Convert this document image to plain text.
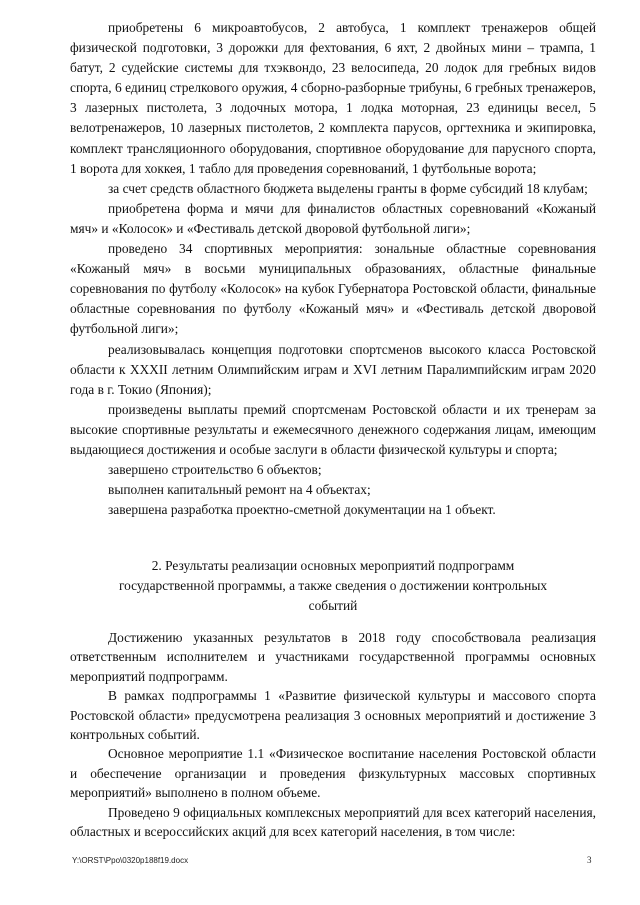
приобретены 6 микроавтобусов, 2 автобуса, 1 комплект тренажеров общей физической подготовки, 3 дорожки для фехтования, 6 яхт, 2 двойных мини – трампа, 1 батут, 2 судейские системы для тхэквондо, 23 велосипеда, 20 лодок для гребных видов спорта, 6 единиц стрелкового оружия, 4 сборно-разборные трибуны, 6 гребных тренажеров, 3 лазерных пистолета, 3 лодочных мотора, 1 лодка моторная, 23 единицы весел, 5 велотренажеров, 10 лазерных пистолетов, 2 комплекта парусов, оргтехника и экипировка, комплект трансляционного оборудования, спортивное оборудование для парусного спорта, 1 ворота для хоккея, 1 табло для проведения соревнований, 1 футбольные ворота;

за счет средств областного бюджета выделены гранты в форме субсидий 18 клубам;

приобретена форма и мячи для финалистов областных соревнований «Кожаный мяч» и «Колосок» и «Фестиваль детской дворовой футбольной лиги»;

проведено 34 спортивных мероприятия: зональные областные соревнования «Кожаный мяч» в восьми муниципальных образованиях, областные финальные соревнования по футболу «Колосок» на кубок Губернатора Ростовской области, финальные областные соревнования по футболу «Кожаный мяч» и «Фестиваль детской дворовой футбольной лиги»;

реализовывалась концепция подготовки спортсменов высокого класса Ростовской области к XXXII летним Олимпийским играм и XVI летним Паралимпийским играм 2020 года в г. Токио (Япония);

произведены выплаты премий спортсменам Ростовской области и их тренерам за высокие спортивные результаты и ежемесячного денежного содержания лицам, имеющим выдающиеся достижения и особые заслуги в области физической культуры и спорта;

завершено строительство 6 объектов;

выполнен капитальный ремонт на 4 объектах;

завершена разработка проектно-сметной документации на 1 объект.

2. Результаты реализации основных мероприятий подпрограмм
государственной программы, а также сведения о достижении контрольных
событий

Достижению указанных результатов в 2018 году способствовала реализация ответственным исполнителем и участниками государственной программы основных мероприятий подпрограмм.

В рамках подпрограммы 1 «Развитие физической культуры и массового спорта Ростовской области» предусмотрена реализация 3 основных мероприятий и достижение 3 контрольных событий.

Основное мероприятие 1.1 «Физическое воспитание населения Ростовской области и обеспечение организации и проведения физкультурных массовых спортивных мероприятий» выполнено в полном объеме.

Проведено 9 официальных комплексных мероприятий для всех категорий населения, областных и всероссийских акций для всех категорий населения, в том числе:

Y:\ORST\Ppo\0320p188f19.docx	3
